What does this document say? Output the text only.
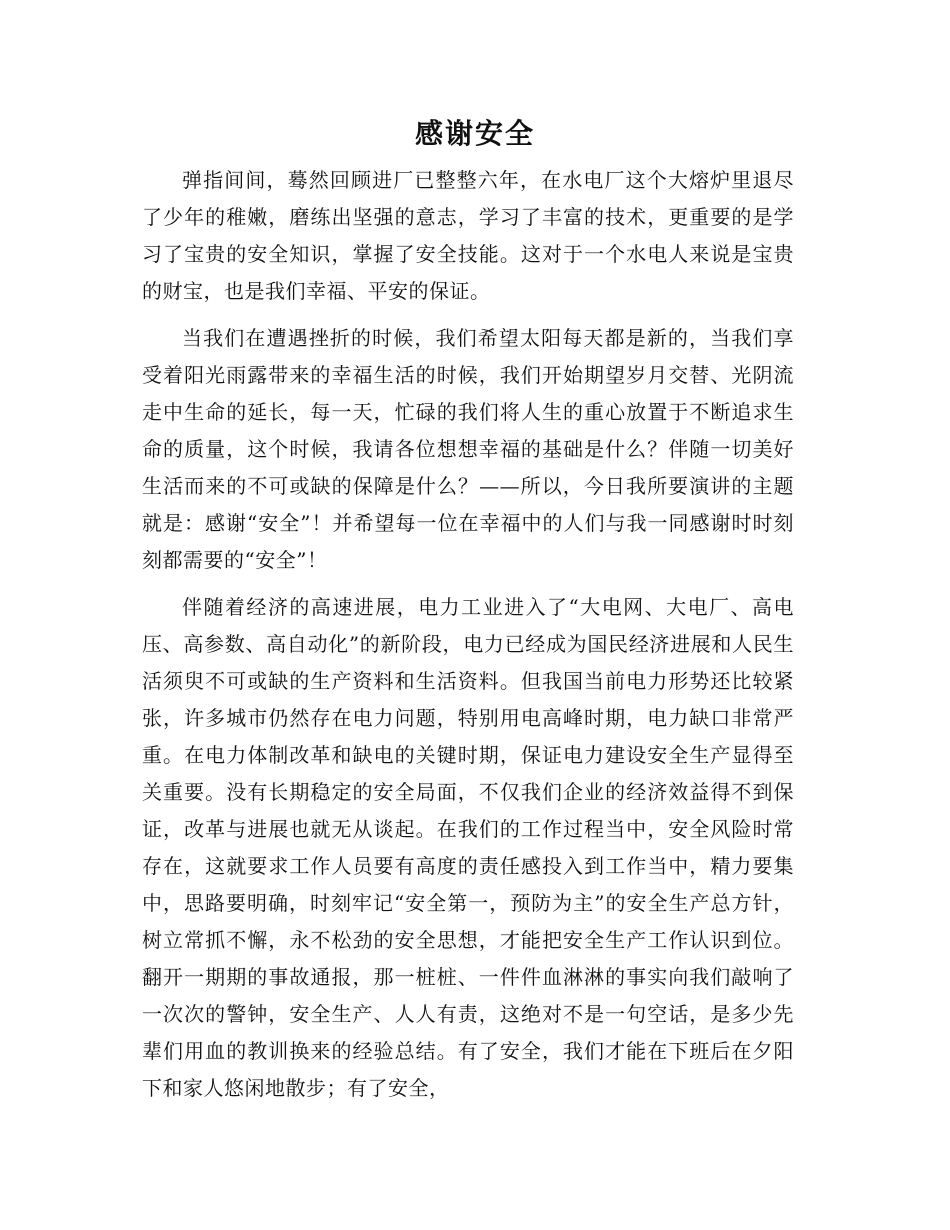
感谢安全

弹指间间，蓦然回顾进厂已整整六年，在水电厂这个大熔炉里退尽了少年的稚嫩，磨练出坚强的意志，学习了丰富的技术，更重要的是学习了宝贵的安全知识，掌握了安全技能。这对于一个水电人来说是宝贵的财宝，也是我们幸福、平安的保证。

当我们在遭遇挫折的时候，我们希望太阳每天都是新的，当我们享受着阳光雨露带来的幸福生活的时候，我们开始期望岁月交替、光阴流走中生命的延长，每一天，忙碌的我们将人生的重心放置于不断追求生命的质量，这个时候，我请各位想想幸福的基础是什么？伴随一切美好生活而来的不可或缺的保障是什么？——所以，今日我所要演讲的主题就是：感谢“安全”！并希望每一位在幸福中的人们与我一同感谢时时刻刻都需要的“安全”！

伴随着经济的高速进展，电力工业进入了“大电网、大电厂、高电压、高参数、高自动化”的新阶段，电力已经成为国民经济进展和人民生活须臾不可或缺的生产资料和生活资料。但我国当前电力形势还比较紧张，许多城市仍然存在电力问题，特别用电高峰时期，电力缺口非常严重。在电力体制改革和缺电的关键时期，保证电力建设安全生产显得至关重要。没有长期稳定的安全局面，不仅我们企业的经济效益得不到保证，改革与进展也就无从谈起。在我们的工作过程当中，安全风险时常存在，这就要求工作人员要有高度的责任感投入到工作当中，精力要集中，思路要明确，时刻牢记“安全第一，预防为主”的安全生产总方针，树立常抓不懈，永不松劲的安全思想，才能把安全生产工作认识到位。翻开一期期的事故通报，那一桩桩、一件件血淋淋的事实向我们敲响了一次次的警钟，安全生产、人人有责，这绝对不是一句空话，是多少先辈们用血的教训换来的经验总结。有了安全，我们才能在下班后在夕阳下和家人悠闲地散步；有了安全，
